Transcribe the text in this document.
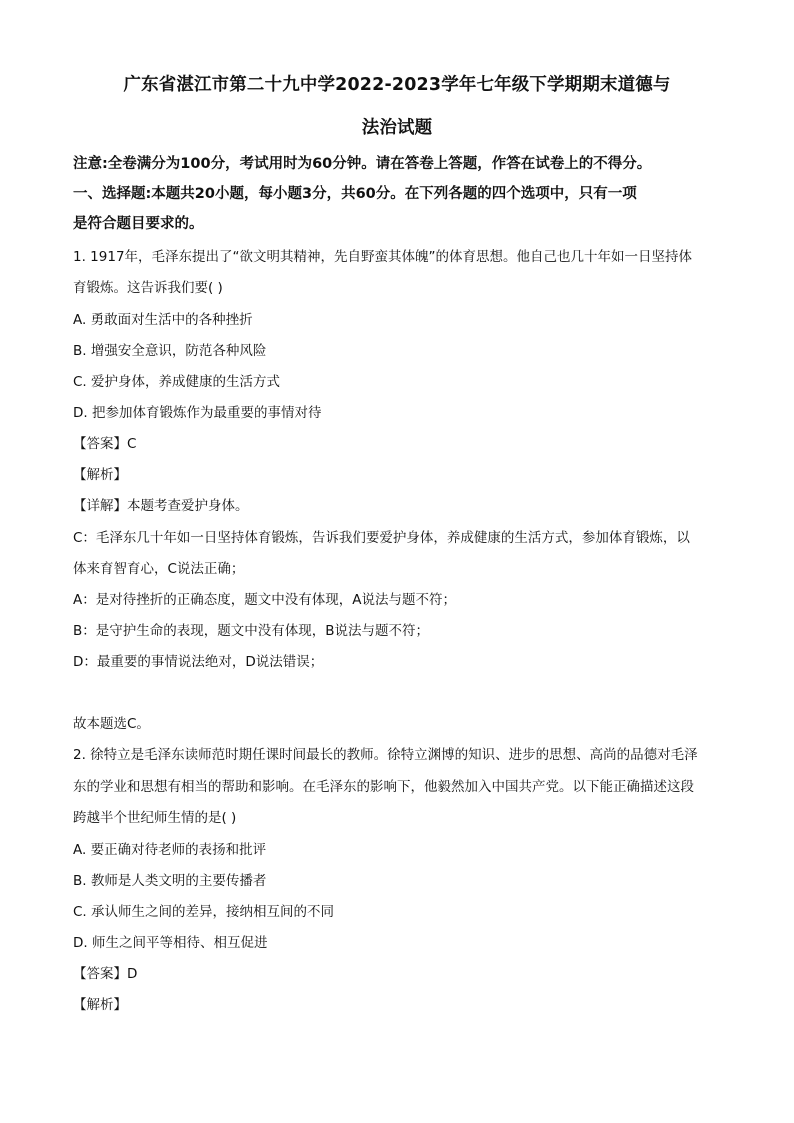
广东省湛江市第二十九中学2022-2023学年七年级下学期期末道德与
法治试题
注意:全卷满分为100分，考试用时为60分钟。请在答卷上答题，作答在试卷上的不得分。
一、选择题:本题共20小题，每小题3分，共60分。在下列各题的四个选项中，只有一项
是符合题目要求的。
1. 1917年，毛泽东提出了“欲文明其精神，先自野蛮其体魄”的体育思想。他自己也几十年如一日坚持体
育锻炼。这告诉我们要( )
A. 勇敢面对生活中的各种挫折
B. 增强安全意识，防范各种风险
C. 爱护身体，养成健康的生活方式
D. 把参加体育锻炼作为最重要的事情对待
【答案】C
【解析】
【详解】本题考查爱护身体。
C：毛泽东几十年如一日坚持体育锻炼，告诉我们要爱护身体，养成健康的生活方式，参加体育锻炼，以
体来育智育心，C说法正确；
A：是对待挫折的正确态度，题文中没有体现，A说法与题不符；
B：是守护生命的表现，题文中没有体现，B说法与题不符；
D：最重要的事情说法绝对，D说法错误；
故本题选C。
2. 徐特立是毛泽东读师范时期任课时间最长的教师。徐特立渊博的知识、进步的思想、高尚的品德对毛泽
东的学业和思想有相当的帮助和影响。在毛泽东的影响下，他毅然加入中国共产党。以下能正确描述这段
跨越半个世纪师生情的是( )
A. 要正确对待老师的表扬和批评
B. 教师是人类文明的主要传播者
C. 承认师生之间的差异，接纳相互间的不同
D. 师生之间平等相待、相互促进
【答案】D
【解析】
